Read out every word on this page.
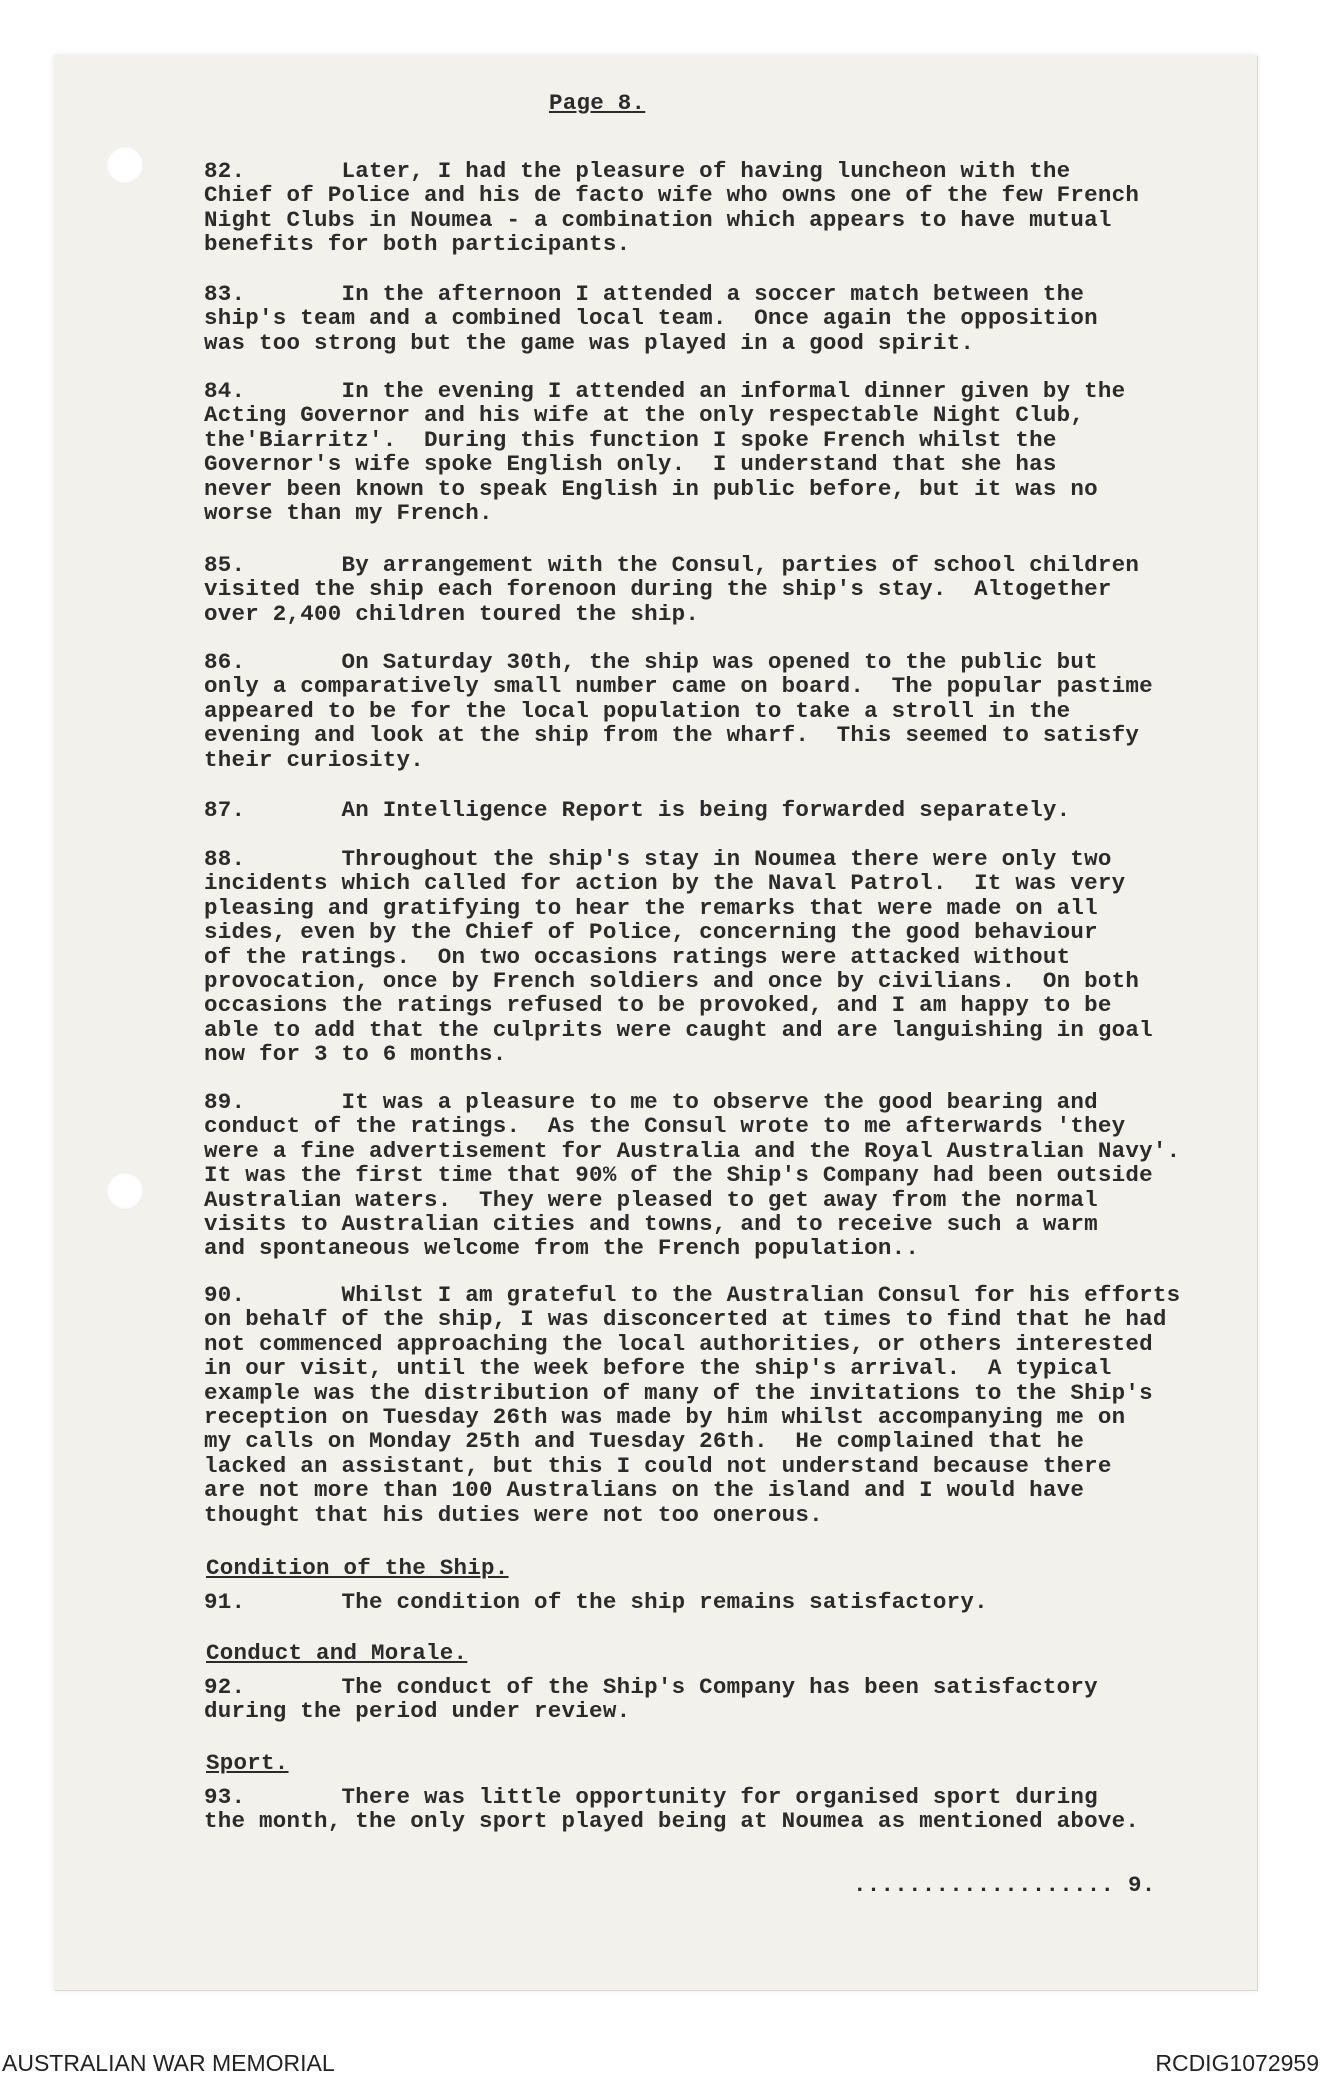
Page 8.
82.	Later, I had the pleasure of having luncheon with the
Chief of Police and his de facto wife who owns one of the few French
Night Clubs in Noumea - a combination which appears to have mutual
benefits for both participants.
83.	In the afternoon I attended a soccer match between the
ship's team and a combined local team.  Once again the opposition
was too strong but the game was played in a good spirit.
84.	In the evening I attended an informal dinner given by the
Acting Governor and his wife at the only respectable Night Club,
the'Biarritz'.  During this function I spoke French whilst the
Governor's wife spoke English only.  I understand that she has
never been known to speak English in public before, but it was no
worse than my French.
85.	By arrangement with the Consul, parties of school children
visited the ship each forenoon during the ship's stay.  Altogether
over 2,400 children toured the ship.
86.	On Saturday 30th, the ship was opened to the public but
only a comparatively small number came on board.  The popular pastime
appeared to be for the local population to take a stroll in the
evening and look at the ship from the wharf.  This seemed to satisfy
their curiosity.
87.	An Intelligence Report is being forwarded separately.
88.	Throughout the ship's stay in Noumea there were only two
incidents which called for action by the Naval Patrol.  It was very
pleasing and gratifying to hear the remarks that were made on all
sides, even by the Chief of Police, concerning the good behaviour
of the ratings.  On two occasions ratings were attacked without
provocation, once by French soldiers and once by civilians.  On both
occasions the ratings refused to be provoked, and I am happy to be
able to add that the culprits were caught and are languishing in goal
now for 3 to 6 months.
89.	It was a pleasure to me to observe the good bearing and
conduct of the ratings.  As the Consul wrote to me afterwards 'they
were a fine advertisement for Australia and the Royal Australian Navy'.
It was the first time that 90% of the Ship's Company had been outside
Australian waters.  They were pleased to get away from the normal
visits to Australian cities and towns, and to receive such a warm
and spontaneous welcome from the French population..
90.	Whilst I am grateful to the Australian Consul for his efforts
on behalf of the ship, I was disconcerted at times to find that he had
not commenced approaching the local authorities, or others interested
in our visit, until the week before the ship's arrival.  A typical
example was the distribution of many of the invitations to the Ship's
reception on Tuesday 26th was made by him whilst accompanying me on
my calls on Monday 25th and Tuesday 26th.  He complained that he
lacked an assistant, but this I could not understand because there
are not more than 100 Australians on the island and I would have
thought that his duties were not too onerous.
Condition of the Ship.
91.	The condition of the ship remains satisfactory.
Conduct and Morale.
92.	The conduct of the Ship's Company has been satisfactory
during the period under review.
Sport.
93.	There was little opportunity for organised sport during
the month, the only sport played being at Noumea as mentioned above.
................... 9.
AUSTRALIAN WAR MEMORIAL	RCDIG1072959
